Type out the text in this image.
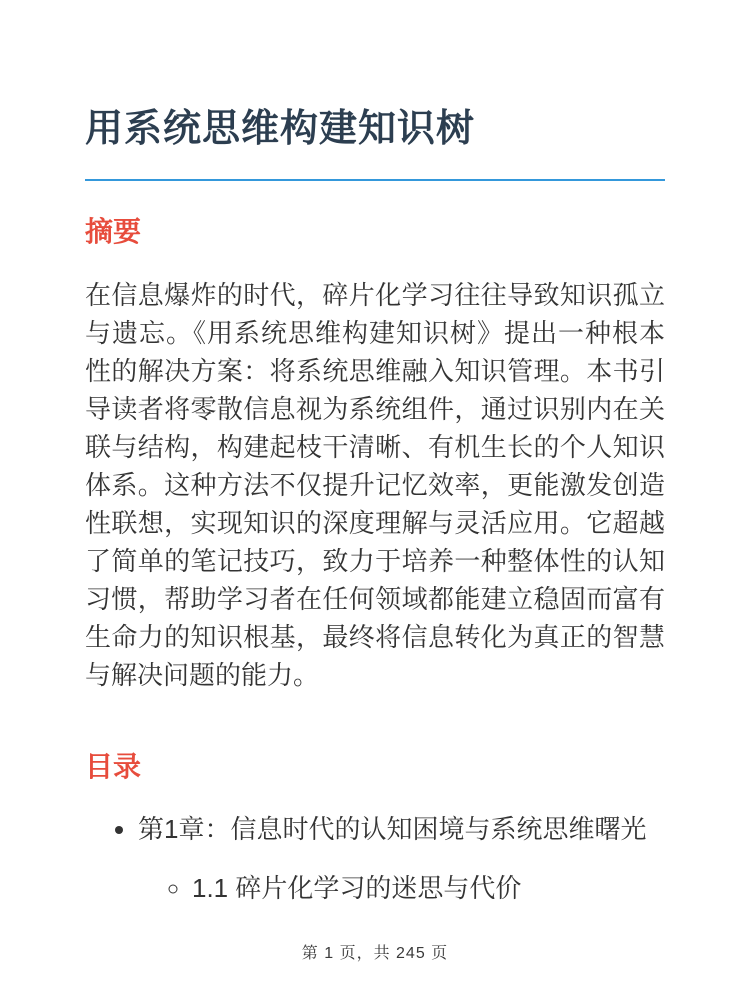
用系统思维构建知识树
摘要

在信息爆炸的时代，碎片化学习往往导致知识孤立与遗忘。《用系统思维构建知识树》提出一种根本性的解决方案：将系统思维融入知识管理。本书引导读者将零散信息视为系统组件，通过识别内在关联与结构，构建起枝干清晰、有机生长的个人知识体系。这种方法不仅提升记忆效率，更能激发创造性联想，实现知识的深度理解与灵活应用。它超越了简单的笔记技巧，致力于培养一种整体性的认知习惯，帮助学习者在任何领域都能建立稳固而富有生命力的知识根基，最终将信息转化为真正的智慧与解决问题的能力。

目录
• 第1章：信息时代的认知困境与系统思维曙光
◦ 1.1 碎片化学习的迷思与代价
第 1 页，共 245 页
